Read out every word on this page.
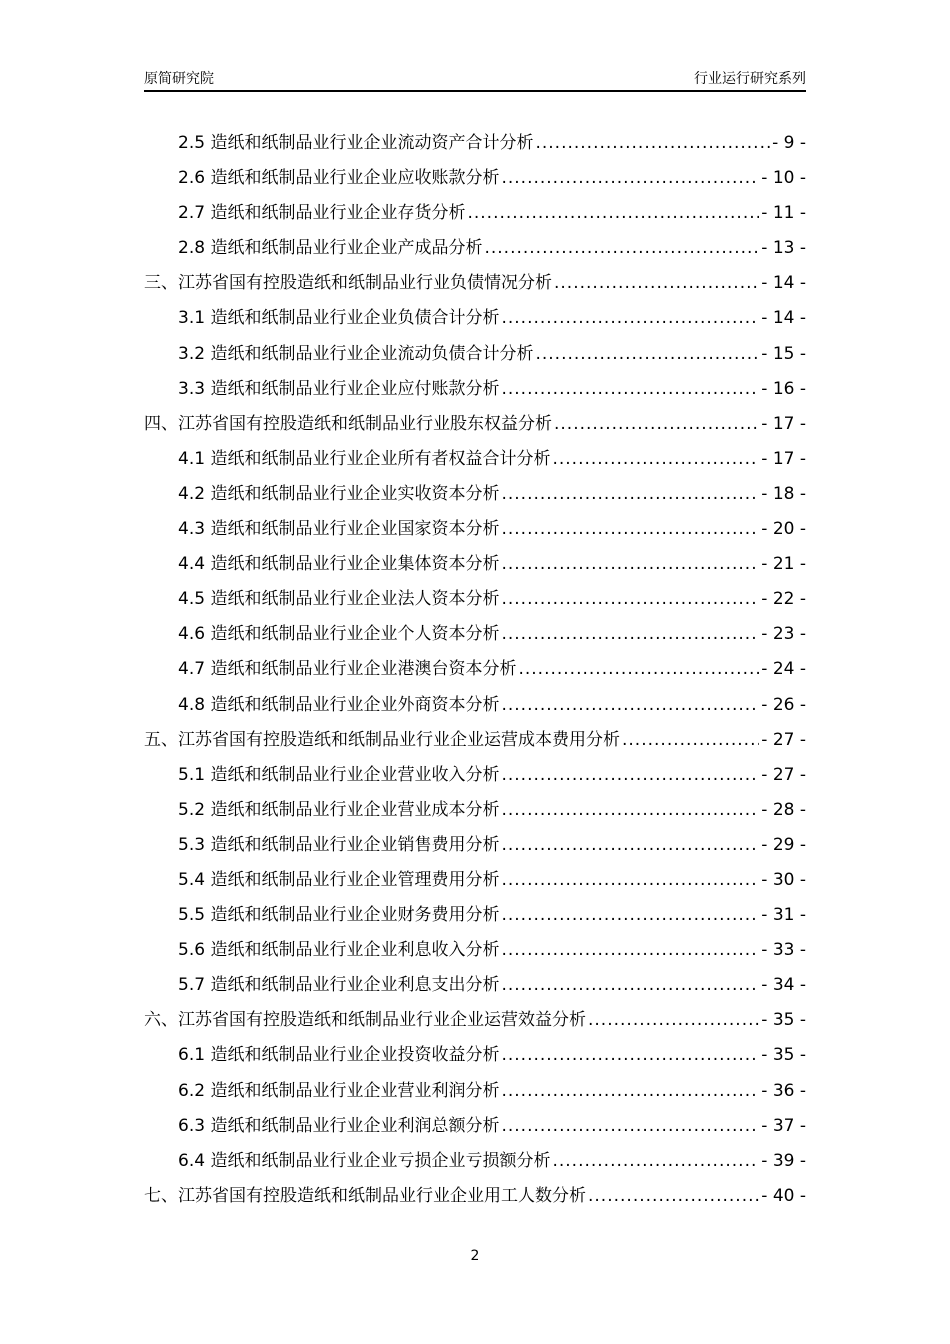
原简研究院	行业运行研究系列
2.5 造纸和纸制品业行业企业流动资产合计分析 .....	- 9 -
2.6 造纸和纸制品业行业企业应收账款分析 .....	- 10 -
2.7 造纸和纸制品业行业企业存货分析 .....	- 11 -
2.8 造纸和纸制品业行业企业产成品分析 .....	- 13 -
三、江苏省国有控股造纸和纸制品业行业负债情况分析 .....	- 14 -
3.1 造纸和纸制品业行业企业负债合计分析 .....	- 14 -
3.2 造纸和纸制品业行业企业流动负债合计分析 .....	- 15 -
3.3 造纸和纸制品业行业企业应付账款分析 .....	- 16 -
四、江苏省国有控股造纸和纸制品业行业股东权益分析 .....	- 17 -
4.1 造纸和纸制品业行业企业所有者权益合计分析 .....	- 17 -
4.2 造纸和纸制品业行业企业实收资本分析 .....	- 18 -
4.3 造纸和纸制品业行业企业国家资本分析 .....	- 20 -
4.4 造纸和纸制品业行业企业集体资本分析 .....	- 21 -
4.5 造纸和纸制品业行业企业法人资本分析 .....	- 22 -
4.6 造纸和纸制品业行业企业个人资本分析 .....	- 23 -
4.7 造纸和纸制品业行业企业港澳台资本分析 .....	- 24 -
4.8 造纸和纸制品业行业企业外商资本分析 .....	- 26 -
五、江苏省国有控股造纸和纸制品业行业企业运营成本费用分析 .....	- 27 -
5.1 造纸和纸制品业行业企业营业收入分析 .....	- 27 -
5.2 造纸和纸制品业行业企业营业成本分析 .....	- 28 -
5.3 造纸和纸制品业行业企业销售费用分析 .....	- 29 -
5.4 造纸和纸制品业行业企业管理费用分析 .....	- 30 -
5.5 造纸和纸制品业行业企业财务费用分析 .....	- 31 -
5.6 造纸和纸制品业行业企业利息收入分析 .....	- 33 -
5.7 造纸和纸制品业行业企业利息支出分析 .....	- 34 -
六、江苏省国有控股造纸和纸制品业行业企业运营效益分析 .....	- 35 -
6.1 造纸和纸制品业行业企业投资收益分析 .....	- 35 -
6.2 造纸和纸制品业行业企业营业利润分析 .....	- 36 -
6.3 造纸和纸制品业行业企业利润总额分析 .....	- 37 -
6.4 造纸和纸制品业行业企业亏损企业亏损额分析 .....	- 39 -
七、江苏省国有控股造纸和纸制品业行业企业用工人数分析 .....	- 40 -
2
